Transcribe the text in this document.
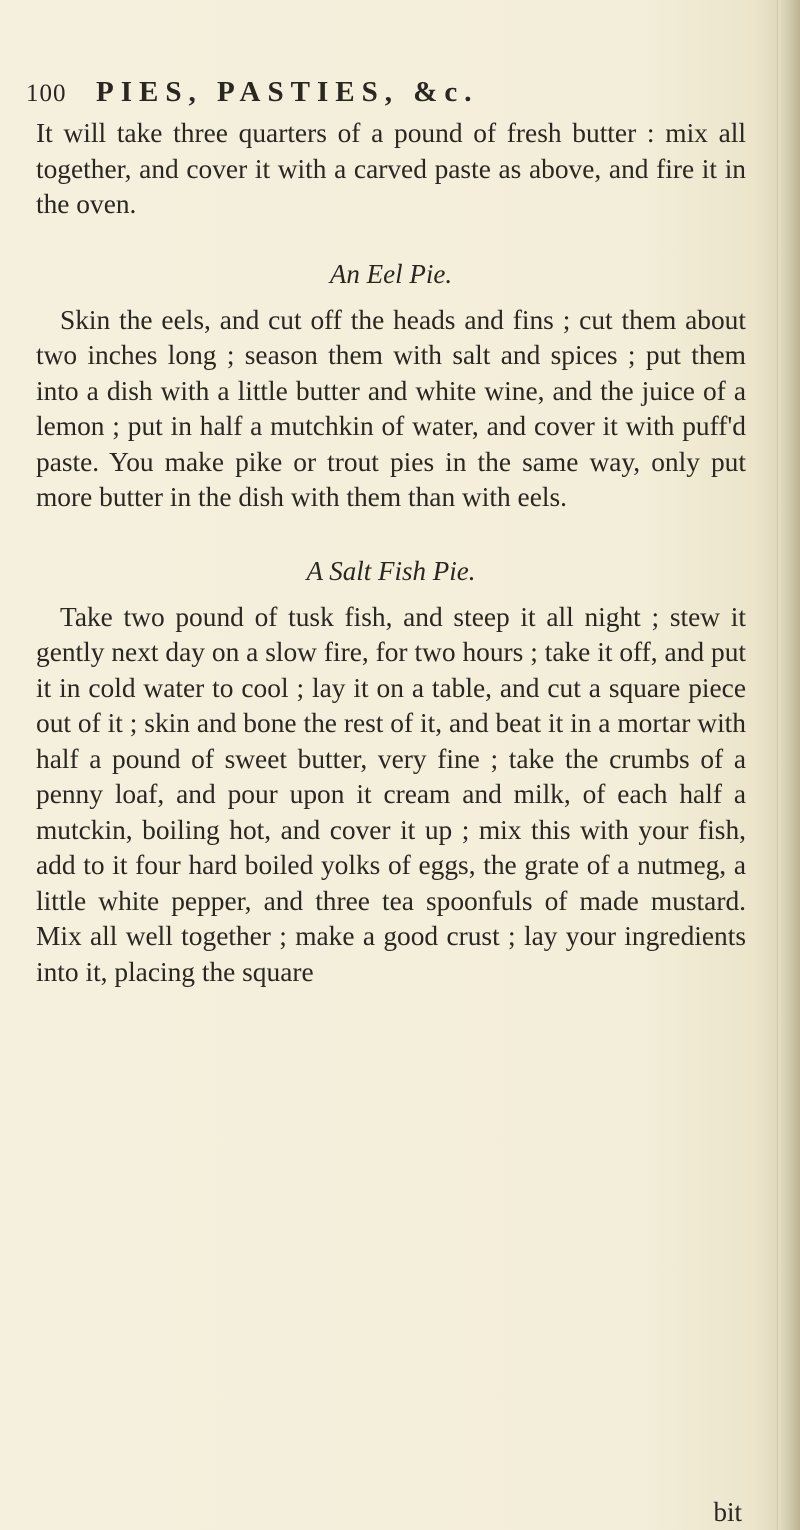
100	PIES, PASTIES, &c.

It will take three quarters of a pound of fresh butter : mix all together, and cover it with a carved paste as above, and fire it in the oven.

An Eel Pie.

Skin the eels, and cut off the heads and fins ; cut them about two inches long ; season them with salt and spices ; put them into a dish with a little butter and white wine, and the juice of a lemon ; put in half a mutchkin of water, and cover it with puff'd paste. You make pike or trout pies in the same way, only put more butter in the dish with them than with eels.

A Salt Fish Pie.

Take two pound of tusk fish, and steep it all night ; stew it gently next day on a slow fire, for two hours ; take it off, and put it in cold water to cool ; lay it on a table, and cut a square piece out of it ; skin and bone the rest of it, and beat it in a mortar with half a pound of sweet butter, very fine ; take the crumbs of a penny loaf, and pour upon it cream and milk, of each half a mutckin, boiling hot, and cover it up ; mix this with your fish, add to it four hard boiled yolks of eggs, the grate of a nutmeg, a little white pepper, and three tea spoonfuls of made mustard. Mix all well together ; make a good crust ; lay your ingredients into it, placing the square

bit
